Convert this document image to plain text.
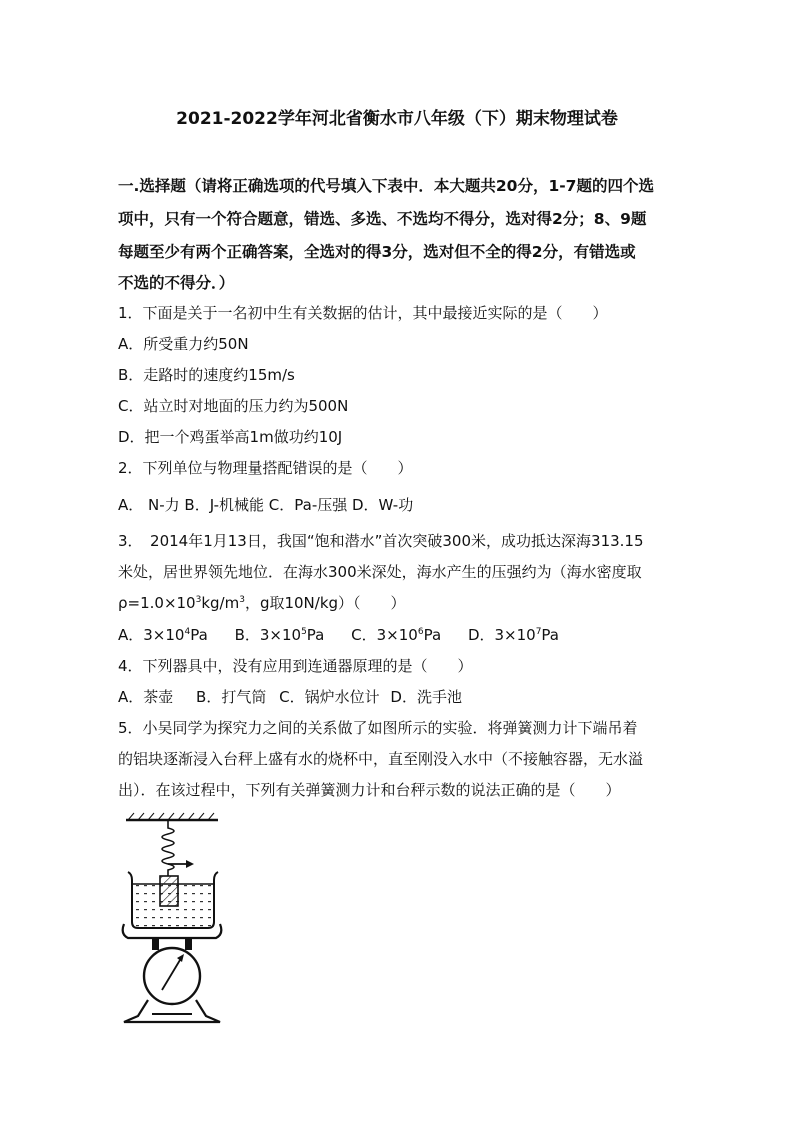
2021-2022学年河北省衡水市八年级（下）期末物理试卷
一.选择题（请将正确选项的代号填入下表中．本大题共20分，1-7题的四个选
项中，只有一个符合题意，错选、多选、不选均不得分，选对得2分；8、9题
每题至少有两个正确答案，全选对的得3分，选对但不全的得2分，有错选或
不选的不得分．）
1．下面是关于一名初中生有关数据的估计，其中最接近实际的是（　　）
A．所受重力约50N
B．走路时的速度约15m/s
C．站立时对地面的压力约为500N
D．把一个鸡蛋举高1m做功约10J
2．下列单位与物理量搭配错误的是（　　）
A． N-力 B．J-机械能 C．Pa-压强 D．W-功
3．　2014年1月13日，我国“饱和潜水”首次突破300米，成功抵达深海313.15
米处，居世界领先地位．在海水300米深处，海水产生的压强约为（海水密度取
$\rho=1.0\times 10^3kg/m^3$，g取10N/kg）（　　）
A．$3\times 10^4Pa$ B．$3\times 10^5Pa$ C．$3\times 10^6Pa$ D．$3\times 10^7Pa$
4．下列器具中，没有应用到连通器原理的是（　　）
A．茶壶 B．打气筒 C．锅炉水位计 D．洗手池
5．小吴同学为探究力之间的关系做了如图所示的实验．将弹簧测力计下端吊着
的铝块逐渐浸入台秤上盛有水的烧杯中，直至刚没入水中（不接触容器，无水溢
出）．在该过程中，下列有关弹簧测力计和台秤示数的说法正确的是（　　）
